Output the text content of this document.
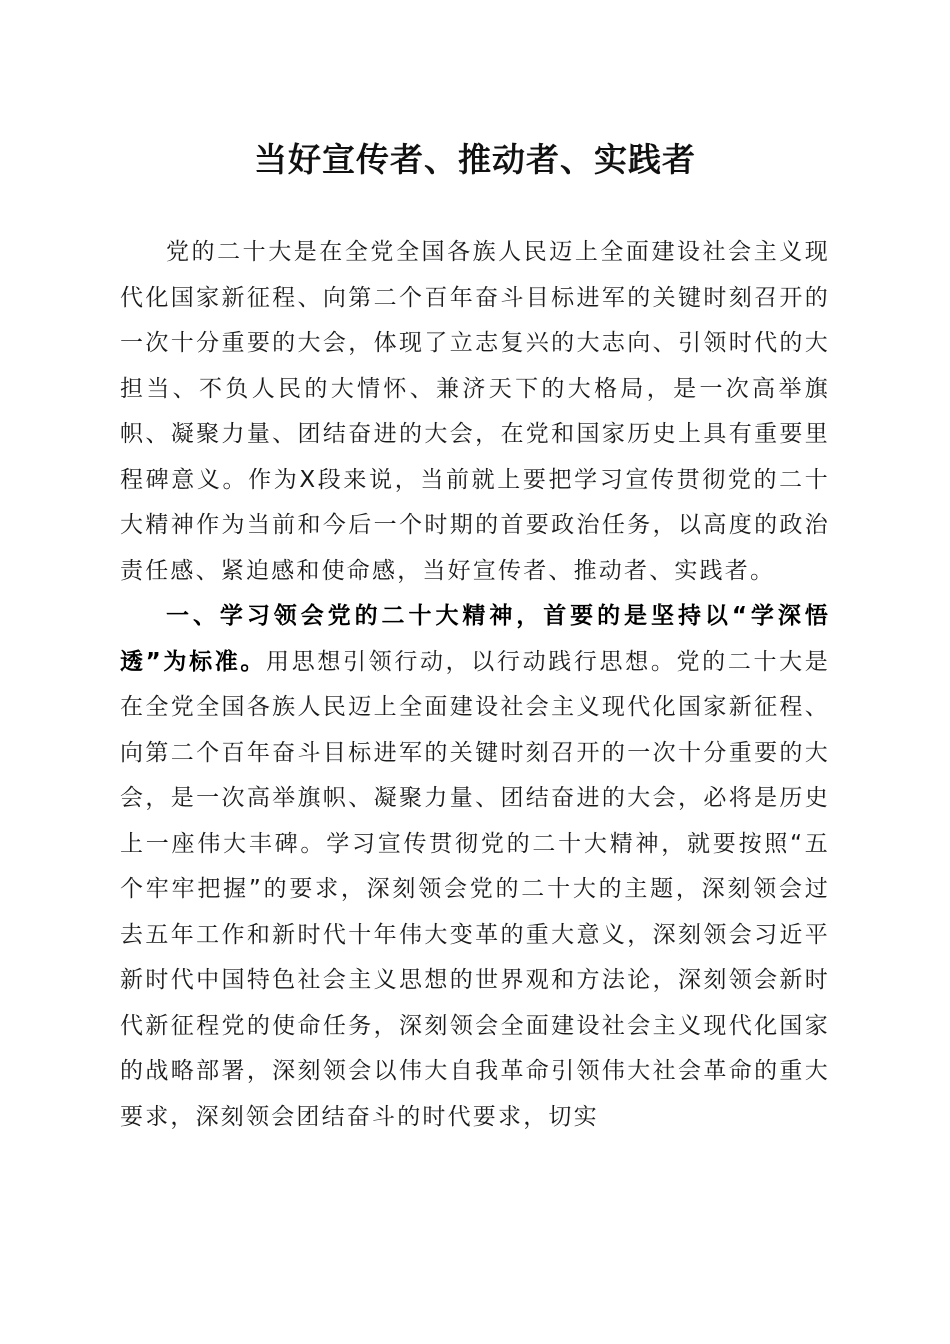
当好宣传者、推动者、实践者

党的二十大是在全党全国各族人民迈上全面建设社会主义现代化国家新征程、向第二个百年奋斗目标进军的关键时刻召开的一次十分重要的大会，体现了立志复兴的大志向、引领时代的大担当、不负人民的大情怀、兼济天下的大格局，是一次高举旗帜、凝聚力量、团结奋进的大会，在党和国家历史上具有重要里程碑意义。作为X段来说，当前就上要把学习宣传贯彻党的二十大精神作为当前和今后一个时期的首要政治任务，以高度的政治责任感、紧迫感和使命感，当好宣传者、推动者、实践者。

一、学习领会党的二十大精神，首要的是坚持以“学深悟透”为标准。用思想引领行动，以行动践行思想。党的二十大是在全党全国各族人民迈上全面建设社会主义现代化国家新征程、向第二个百年奋斗目标进军的关键时刻召开的一次十分重要的大会，是一次高举旗帜、凝聚力量、团结奋进的大会，必将是历史上一座伟大丰碑。学习宣传贯彻党的二十大精神，就要按照“五个牢牢把握”的要求，深刻领会党的二十大的主题，深刻领会过去五年工作和新时代十年伟大变革的重大意义，深刻领会习近平新时代中国特色社会主义思想的世界观和方法论，深刻领会新时代新征程党的使命任务，深刻领会全面建设社会主义现代化国家的战略部署，深刻领会以伟大自我革命引领伟大社会革命的重大要求，深刻领会团结奋斗的时代要求，切实
